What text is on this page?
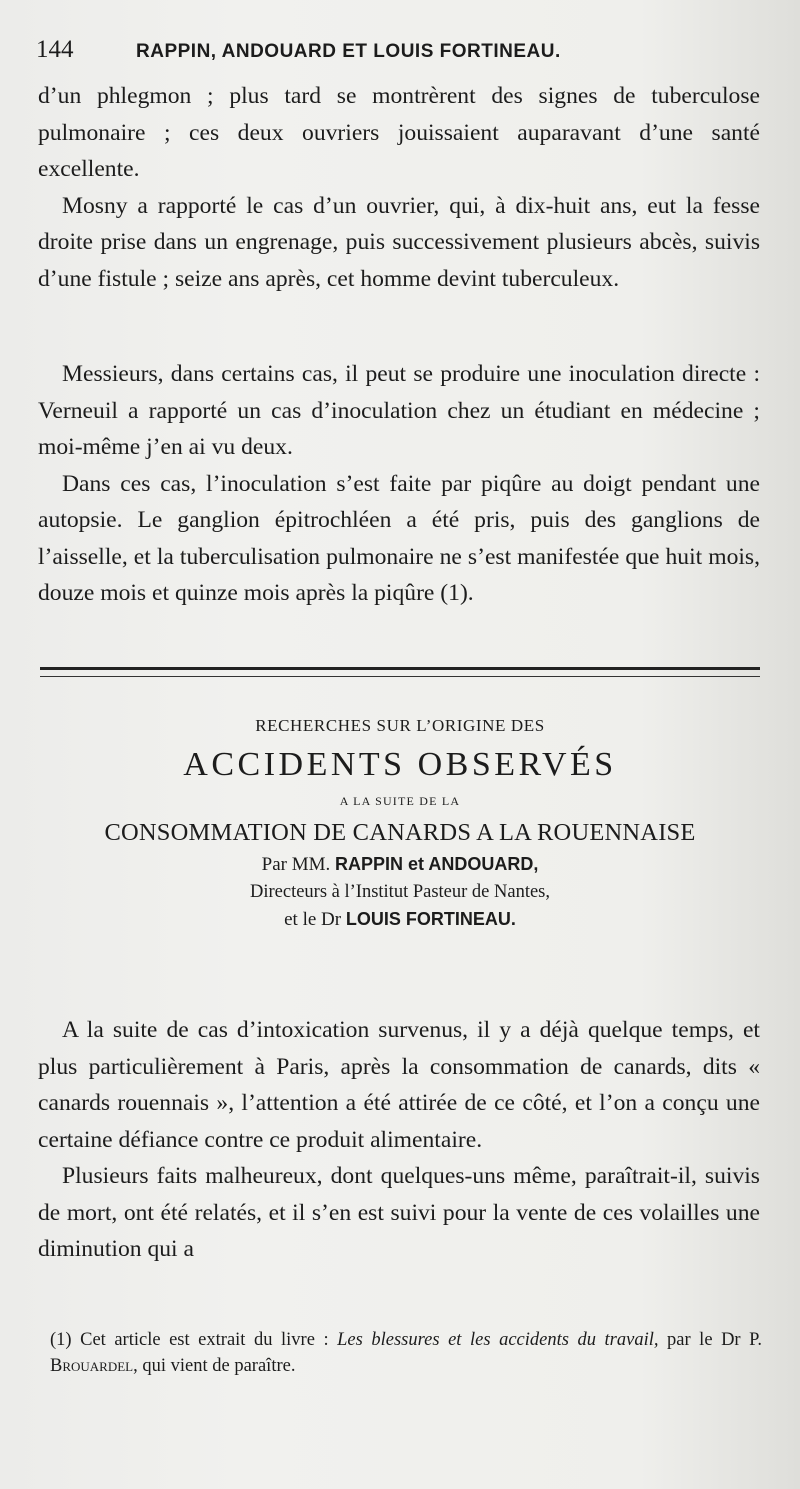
144	RAPPIN, ANDOUARD ET LOUIS FORTINEAU.

d’un phlegmon ; plus tard se montrèrent des signes de tuberculose pulmonaire ; ces deux ouvriers jouissaient auparavant d’une santé excellente.

Mosny a rapporté le cas d’un ouvrier, qui, à dix-huit ans, eut la fesse droite prise dans un engrenage, puis successivement plusieurs abcès, suivis d’une fistule ; seize ans après, cet homme devint tuberculeux.

Messieurs, dans certains cas, il peut se produire une inoculation directe : Verneuil a rapporté un cas d’inoculation chez un étudiant en médecine ; moi-même j’en ai vu deux.

Dans ces cas, l’inoculation s’est faite par piqûre au doigt pendant une autopsie. Le ganglion épitrochléen a été pris, puis des ganglions de l’aisselle, et la tuberculisation pulmonaire ne s’est manifestée que huit mois, douze mois et quinze mois après la piqûre (1).

RECHERCHES SUR L’ORIGINE DES
ACCIDENTS OBSERVÉS
A LA SUITE DE LA
CONSOMMATION DE CANARDS A LA ROUENNAISE
Par MM. RAPPIN et ANDOUARD,
Directeurs à l’Institut Pasteur de Nantes,
et le Dr LOUIS FORTINEAU.

A la suite de cas d’intoxication survenus, il y a déjà quelque temps, et plus particulièrement à Paris, après la consommation de canards, dits « canards rouennais », l’attention a été attirée de ce côté, et l’on a conçu une certaine défiance contre ce produit alimentaire.

Plusieurs faits malheureux, dont quelques-uns même, paraîtrait-il, suivis de mort, ont été relatés, et il s’en est suivi pour la vente de ces volailles une diminution qui a

(1) Cet article est extrait du livre : Les blessures et les accidents du travail, par le Dr P. Brouardel, qui vient de paraître.
